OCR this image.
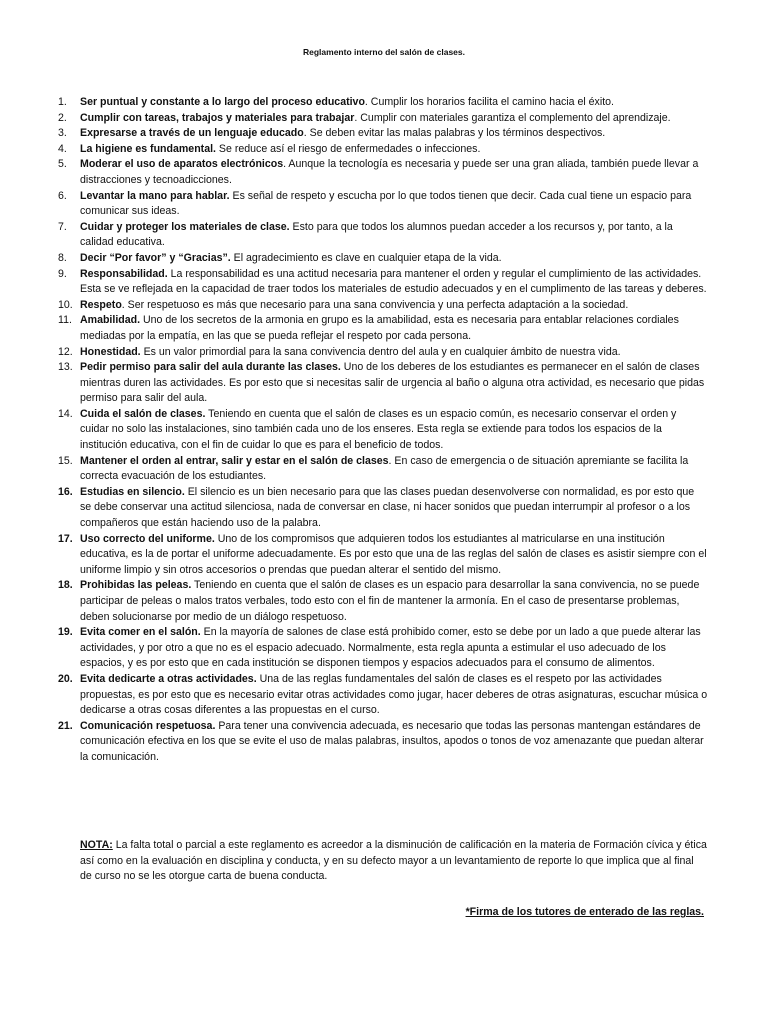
Reglamento interno del salón de clases.
1.	Ser puntual y constante a lo largo del proceso educativo. Cumplir los horarios facilita el camino hacia el éxito.
2.	Cumplir con tareas, trabajos y materiales para trabajar. Cumplir con materiales garantiza el complemento del aprendizaje.
3.	Expresarse a través de un lenguaje educado. Se deben evitar las malas palabras y los términos despectivos.
4.	La higiene es fundamental. Se reduce así el riesgo de enfermedades o infecciones.
5.	Moderar el uso de aparatos electrónicos. Aunque la tecnología es necesaria y puede ser una gran aliada, también puede llevar a distracciones y tecnoadicciones.
6.	Levantar la mano para hablar. Es señal de respeto y escucha por lo que todos tienen que decir. Cada cual tiene un espacio para comunicar sus ideas.
7.	Cuidar y proteger los materiales de clase. Esto para que todos los alumnos puedan acceder a los recursos y, por tanto, a la calidad educativa.
8.	Decir “Por favor” y “Gracias”. El agradecimiento es clave en cualquier etapa de la vida.
9.	Responsabilidad. La responsabilidad es una actitud necesaria para mantener el orden y regular el cumplimiento de las actividades. Esta se ve reflejada en la capacidad de traer todos los materiales de estudio adecuados y en el cumplimento de las tareas y deberes.
10. Respeto. Ser respetuoso es más que necesario para una sana convivencia y una perfecta adaptación a la sociedad.
11. Amabilidad. Uno de los secretos de la armonia en grupo es la amabilidad, esta es necesaria para entablar relaciones cordiales mediadas por la empatía, en las que se pueda reflejar el respeto por cada persona.
12. Honestidad. Es un valor primordial para la sana convivencia dentro del aula y en cualquier ámbito de nuestra vida.
13. Pedir permiso para salir del aula durante las clases. Uno de los deberes de los estudiantes es permanecer en el salón de clases mientras duren las actividades. Es por esto que si necesitas salir de urgencia al baño o alguna otra actividad, es necesario que pidas permiso para salir del aula.
14. Cuida el salón de clases. Teniendo en cuenta que el salón de clases es un espacio común, es necesario conservar el orden y cuidar no solo las instalaciones, sino también cada uno de los enseres. Esta regla se extiende para todos los espacios de la institución educativa, con el fin de cuidar lo que es para el beneficio de todos.
15. Mantener el orden al entrar, salir y estar en el salón de clases. En caso de emergencia o de situación apremiante se facilita la correcta evacuación de los estudiantes.
16. Estudias en silencio. El silencio es un bien necesario para que las clases puedan desenvolverse con normalidad, es por esto que se debe conservar una actitud silenciosa, nada de conversar en clase, ni hacer sonidos que puedan interrumpir al profesor o a los compañeros que están haciendo uso de la palabra.
17. Uso correcto del uniforme. Uno de los compromisos que adquieren todos los estudiantes al matricularse en una institución educativa, es la de portar el uniforme adecuadamente. Es por esto que una de las reglas del salón de clases es asistir siempre con el uniforme limpio y sin otros accesorios o prendas que puedan alterar el sentido del mismo.
18. Prohibidas las peleas. Teniendo en cuenta que el salón de clases es un espacio para desarrollar la sana convivencia, no se puede participar de peleas o malos tratos verbales, todo esto con el fin de mantener la armonía. En el caso de presentarse problemas, deben solucionarse por medio de un diálogo respetuoso.
19. Evita comer en el salón. En la mayoría de salones de clase está prohibido comer, esto se debe por un lado a que puede alterar las actividades, y por otro a que no es el espacio adecuado. Normalmente, esta regla apunta a estimular el uso adecuado de los espacios, y es por esto que en cada institución se disponen tiempos y espacios adecuados para el consumo de alimentos.
20. Evita dedicarte a otras actividades. Una de las reglas fundamentales del salón de clases es el respeto por las actividades propuestas, es por esto que es necesario evitar otras actividades como jugar, hacer deberes de otras asignaturas, escuchar música o dedicarse a otras cosas diferentes a las propuestas en el curso.
21. Comunicación respetuosa. Para tener una convivencia adecuada, es necesario que todas las personas mantengan estándares de comunicación efectiva en los que se evite el uso de malas palabras, insultos, apodos o tonos de voz amenazante que puedan alterar la comunicación.
NOTA: La falta total o parcial a este reglamento es acreedor a la disminución de calificación en la materia de Formación cívica y ética así como en la evaluación en disciplina y conducta, y en su defecto mayor a un levantamiento de reporte lo que implica que al final de curso no se les otorgue carta de buena conducta.
*Firma de los tutores de enterado de las reglas.
